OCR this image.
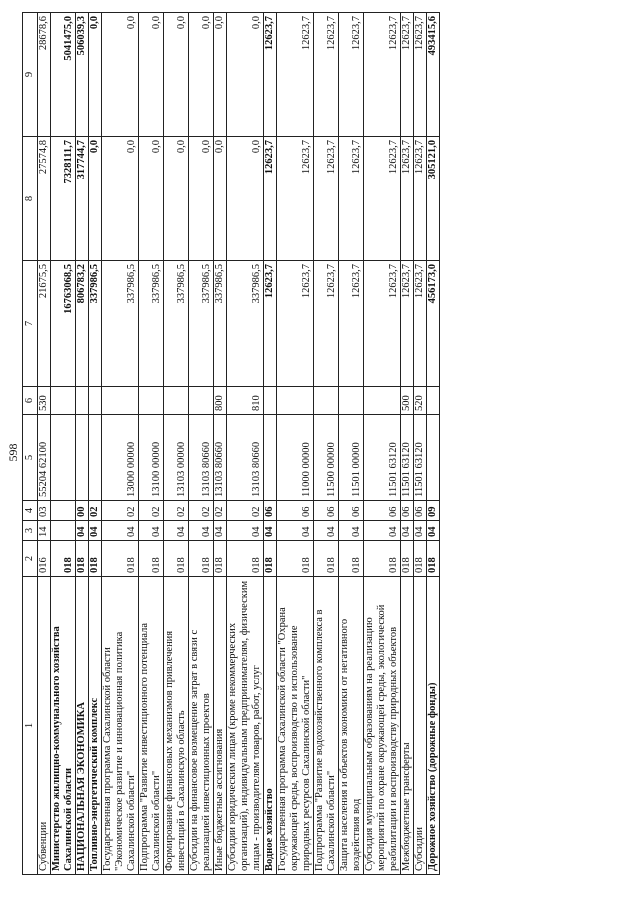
598
1	2	3	4	5	6	7	8	9
Субвенции	016	14	03	55204 62100	530	21675,5	27574,8	28678,6
Министерство жилищно-коммунального хозяйства Сахалинской области	018					16763068,5	7328111,7	5041475,0
НАЦИОНАЛЬНАЯ ЭКОНОМИКА	018	04	00			806783,2	317744,7	506039,3
Топливно-энергетический комплекс	018	04	02			337986,5	0,0	0,0
Государственная программа Сахалинской области "Экономическое развитие и инновационная политика Сахалинской области"	018	04	02	13000 00000		337986,5	0,0	0,0
Подпрограмма "Развитие инвестиционного потенциала Сахалинской области"	018	04	02	13100 00000		337986,5	0,0	0,0
Формирование финансовых механизмов привлечения инвестиций в Сахалинскую область	018	04	02	13103 00000		337986,5	0,0	0,0
Субсидии на финансовое возмещение затрат в связи с реализацией инвестиционных проектов	018	04	02	13103 80660		337986,5	0,0	0,0
Иные бюджетные ассигнования	018	04	02	13103 80660	800	337986,5	0,0	0,0
Субсидии юридическим лицам (кроме некоммерческих организаций), индивидуальным предпринимателям, физическим лицам - производителям товаров, работ, услуг	018	04	02	13103 80660	810	337986,5	0,0	0,0
Водное хозяйство	018	04	06			12623,7	12623,7	12623,7
Государственная программа Сахалинской области "Охрана окружающей среды, воспроизводство и использование природных ресурсов Сахалинской области"	018	04	06	11000 00000		12623,7	12623,7	12623,7
Подпрограмма "Развитие водохозяйственного комплекса в Сахалинской области"	018	04	06	11500 00000		12623,7	12623,7	12623,7
Защита населения и объектов экономики от негативного воздействия вод	018	04	06	11501 00000		12623,7	12623,7	12623,7
Субсидия муниципальным образованиям на реализацию мероприятий по охране окружающей среды, экологической реабилитации и воспроизводству природных объектов	018	04	06	11501 63120		12623,7	12623,7	12623,7
Межбюджетные трансферты	018	04	06	11501 63120	500	12623,7	12623,7	12623,7
Субсидии	018	04	06	11501 63120	520	12623,7	12623,7	12623,7
Дорожное хозяйство (дорожные фонды)	018	04	09			456173,0	305121,0	493415,6
